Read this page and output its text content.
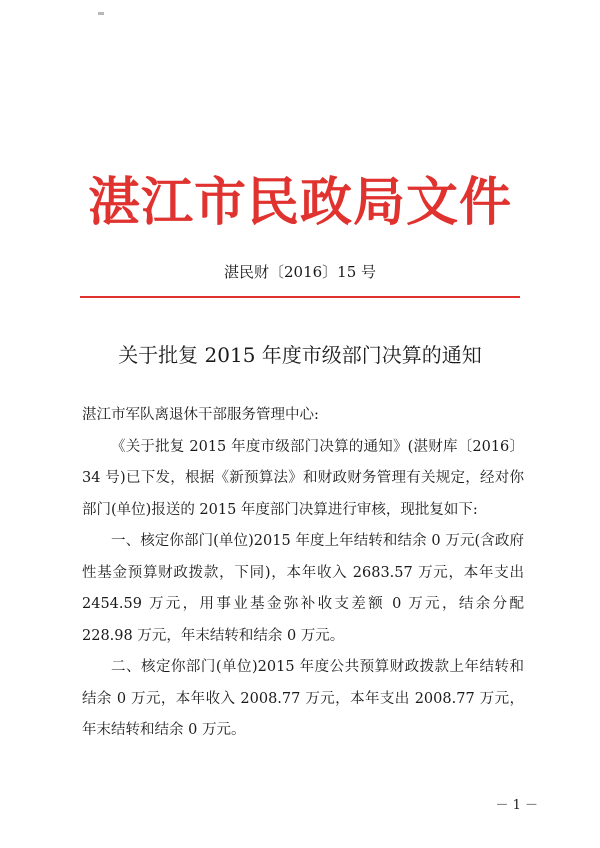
湛江市民政局文件
湛民财〔2016〕15 号
关于批复 2015 年度市级部门决算的通知

湛江市军队离退休干部服务管理中心:

《关于批复 2015 年度市级部门决算的通知》(湛财库〔2016〕34 号)已下发，根据《新预算法》和财政财务管理有关规定，经对你部门(单位)报送的 2015 年度部门决算进行审核，现批复如下:

一、核定你部门(单位)2015 年度上年结转和结余 0 万元(含政府性基金预算财政拨款，下同)，本年收入 2683.57 万元，本年支出 2454.59 万元，用事业基金弥补收支差额 0 万元，结余分配 228.98 万元，年末结转和结余 0 万元。

二、核定你部门(单位)2015 年度公共预算财政拨款上年结转和结余 0 万元，本年收入 2008.77 万元，本年支出 2008.77 万元，年末结转和结余 0 万元。

－ 1 －
